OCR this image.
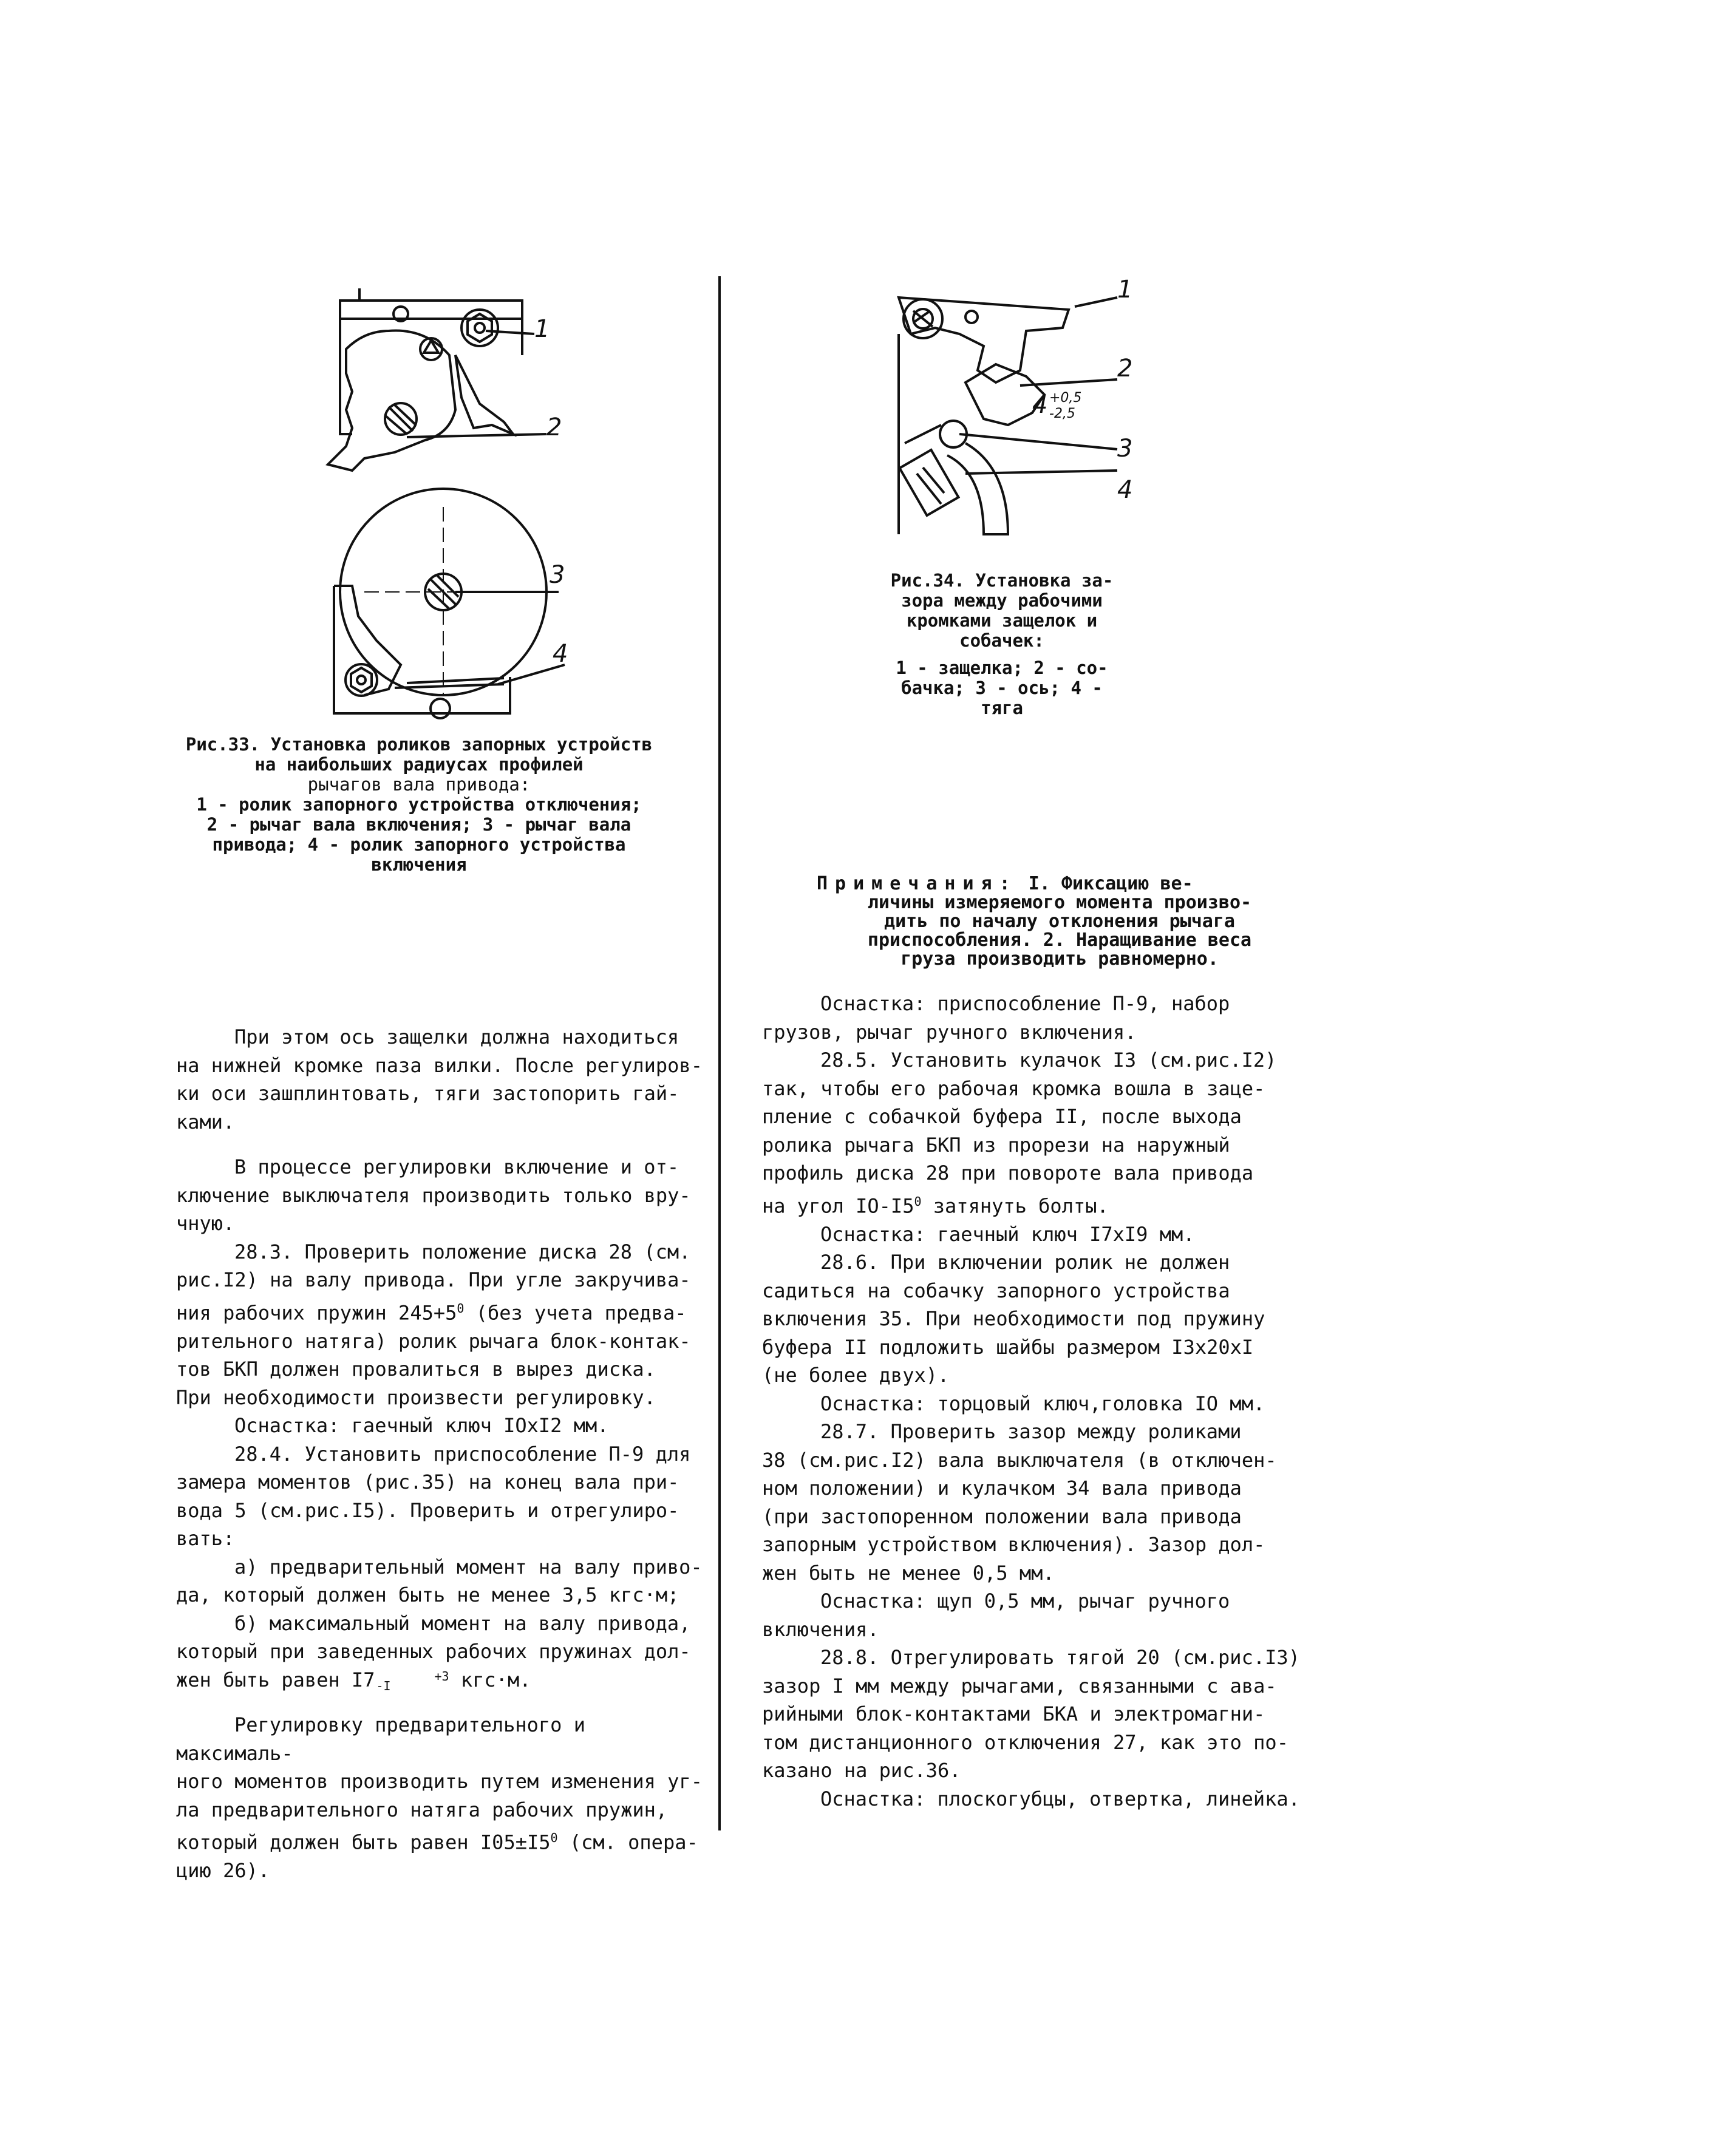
1
2
3
4
Рис.33. Установка роликов запорных устройств на наибольших радиусах профилей
рычагов вала привода:
1 - ролик запорного устройства отключения;
2 - рычаг вала включения; 3 - рычаг вала
привода; 4 - ролик запорного устройства
включения
1
2
3
4
4 +0,5
-2,5
Рис.34. Установка за-
зора между рабочими
кромками защелок и
собачек:
1 - защелка; 2 - со-
бачка; 3 - ось; 4 -
тяга
Примечания: I. Фиксацию ве-
личины измеряемого момента произво-
дить по началу отклонения рычага
приспособления. 2. Наращивание веса
груза производить равномерно.

При этом ось защелки должна находиться
на нижней кромке паза вилки. После регулиров-
ки оси зашплинтовать, тяги застопорить гай-
ками.

В процессе регулировки включение и от-
ключение выключателя производить только вру-
чную.

28.3. Проверить положение диска 28 (см.
рис.I2) на валу привода. При угле закручива-
ния рабочих пружин $245+5^0$ (без учета предва-
рительного натяга) ролик рычага блок-контак-
тов БКП должен провалиться в вырез диска.
При необходимости произвести регулировку.

Оснастка: гаечный ключ IOxI2 мм.

28.4. Установить приспособление П-9 для
замера моментов (рис.35) на конец вала при-
вода 5 (см.рис.I5). Проверить и отрегулиро-
вать:

а) предварительный момент на валу приво-
да, который должен быть не менее 3,5 кгс·м;

б) максимальный момент на валу привода,
который при заведенных рабочих пружинах дол-
жен быть равен I7	+3
-I	кгс·м.

Регулировку предварительного и максималь-
ного моментов производить путем изменения уг-
ла предварительного натяга рабочих пружин,
который должен быть равен $I05\pm I5^0$ (см. опера-
цию 26).

Оснастка: приспособление П-9, набор
грузов, рычаг ручного включения.

28.5. Установить кулачок I3 (см.рис.I2)
так, чтобы его рабочая кромка вошла в заце-
пление с собачкой буфера II, после выхода
ролика рычага БКП из прорези на наружный
профиль диска 28 при повороте вала привода
на угол $IO-I5^0$ затянуть болты.

Оснастка: гаечный ключ I7xI9 мм.

28.6. При включении ролик не должен
садиться на собачку запорного устройства
включения 35. При необходимости под пружину
буфера II подложить шайбы размером I3x20xI
(не более двух).

Оснастка: торцовый ключ,головка IO мм.

28.7. Проверить зазор между роликами
38 (см.рис.I2) вала выключателя (в отключен-
ном положении) и кулачком 34 вала привода
(при застопоренном положении вала привода
запорным устройством включения). Зазор дол-
жен быть не менее 0,5 мм.

Оснастка: щуп 0,5 мм, рычаг ручного
включения.

28.8. Отрегулировать тягой 20 (см.рис.I3)
зазор I мм между рычагами, связанными с ава-
рийными блок-контактами БКА и электромагни-
том дистанционного отключения 27, как это по-
казано на рис.36.

Оснастка: плоскогубцы, отвертка, линейка.
